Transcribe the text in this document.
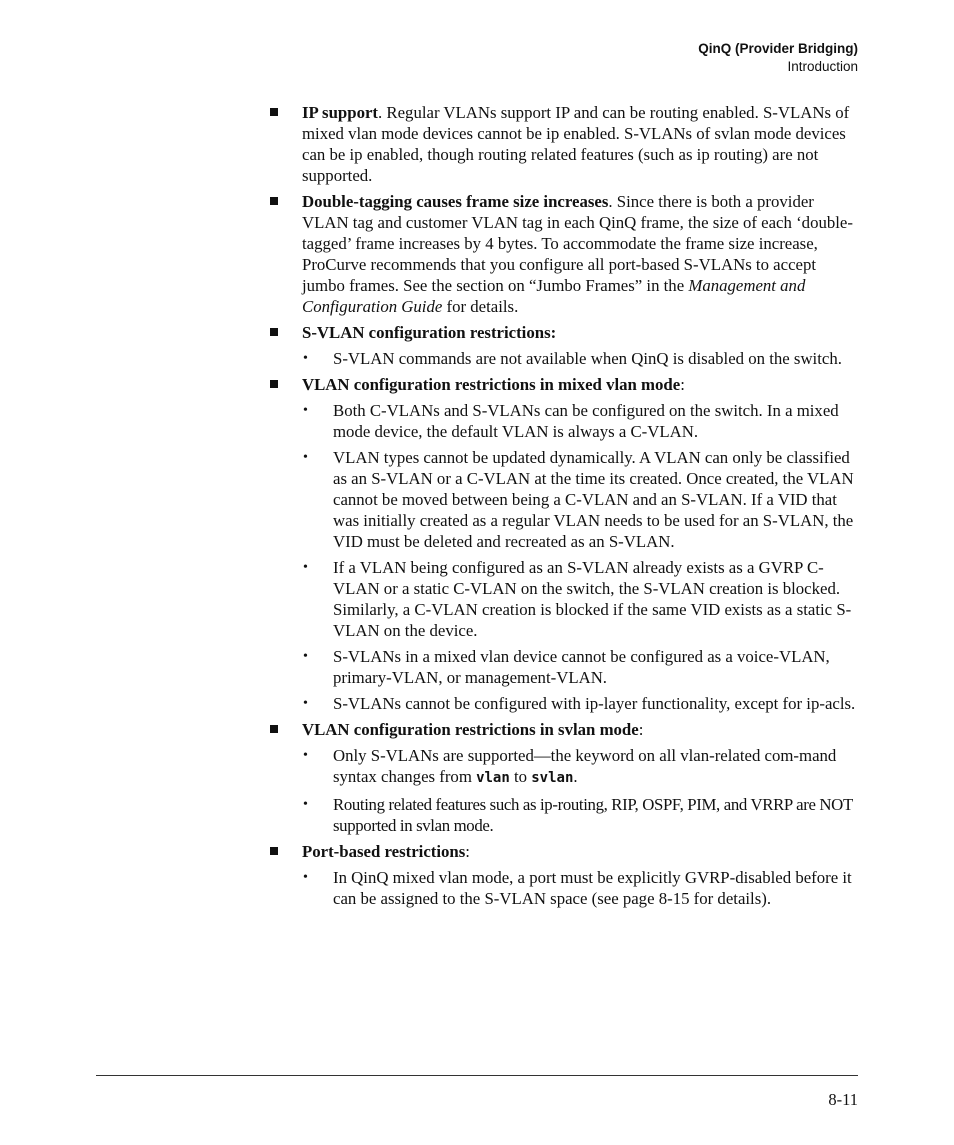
QinQ (Provider Bridging)
Introduction
IP support. Regular VLANs support IP and can be routing enabled. S-VLANs of mixed vlan mode devices cannot be ip enabled. S-VLANs of svlan mode devices can be ip enabled, though routing related features (such as ip routing) are not supported.
Double-tagging causes frame size increases. Since there is both a provider VLAN tag and customer VLAN tag in each QinQ frame, the size of each ‘double-tagged’ frame increases by 4 bytes. To accommodate the frame size increase, ProCurve recommends that you configure all port-based S-VLANs to accept jumbo frames. See the section on “Jumbo Frames” in the Management and Configuration Guide for details.
S-VLAN configuration restrictions:
• S-VLAN commands are not available when QinQ is disabled on the switch.
VLAN configuration restrictions in mixed vlan mode:
• Both C-VLANs and S-VLANs can be configured on the switch. In a mixed mode device, the default VLAN is always a C-VLAN.
• VLAN types cannot be updated dynamically. A VLAN can only be classified as an S-VLAN or a C-VLAN at the time its created. Once created, the VLAN cannot be moved between being a C-VLAN and an S-VLAN. If a VID that was initially created as a regular VLAN needs to be used for an S-VLAN, the VID must be deleted and recreated as an S-VLAN.
• If a VLAN being configured as an S-VLAN already exists as a GVRP C-VLAN or a static C-VLAN on the switch, the S-VLAN creation is blocked. Similarly, a C-VLAN creation is blocked if the same VID exists as a static S-VLAN on the device.
• S-VLANs in a mixed vlan device cannot be configured as a voice-VLAN, primary-VLAN, or management-VLAN.
• S-VLANs cannot be configured with ip-layer functionality, except for ip-acls.
VLAN configuration restrictions in svlan mode:
• Only S-VLANs are supported—the keyword on all vlan-related com-mand syntax changes from vlan to svlan.
• Routing related features such as ip-routing, RIP, OSPF, PIM, and VRRP are NOT supported in svlan mode.
Port-based restrictions:
• In QinQ mixed vlan mode, a port must be explicitly GVRP-disabled before it can be assigned to the S-VLAN space (see page 8-15 for details).
8-11
